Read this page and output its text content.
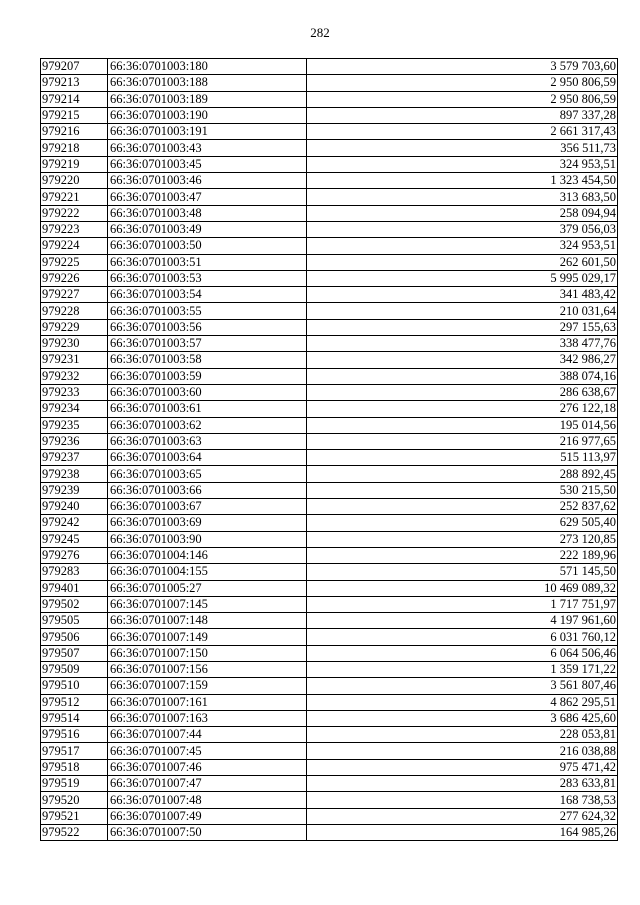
282
979207	66:36:0701003:180	3 579 703,60
979213	66:36:0701003:188	2 950 806,59
979214	66:36:0701003:189	2 950 806,59
979215	66:36:0701003:190	897 337,28
979216	66:36:0701003:191	2 661 317,43
979218	66:36:0701003:43	356 511,73
979219	66:36:0701003:45	324 953,51
979220	66:36:0701003:46	1 323 454,50
979221	66:36:0701003:47	313 683,50
979222	66:36:0701003:48	258 094,94
979223	66:36:0701003:49	379 056,03
979224	66:36:0701003:50	324 953,51
979225	66:36:0701003:51	262 601,50
979226	66:36:0701003:53	5 995 029,17
979227	66:36:0701003:54	341 483,42
979228	66:36:0701003:55	210 031,64
979229	66:36:0701003:56	297 155,63
979230	66:36:0701003:57	338 477,76
979231	66:36:0701003:58	342 986,27
979232	66:36:0701003:59	388 074,16
979233	66:36:0701003:60	286 638,67
979234	66:36:0701003:61	276 122,18
979235	66:36:0701003:62	195 014,56
979236	66:36:0701003:63	216 977,65
979237	66:36:0701003:64	515 113,97
979238	66:36:0701003:65	288 892,45
979239	66:36:0701003:66	530 215,50
979240	66:36:0701003:67	252 837,62
979242	66:36:0701003:69	629 505,40
979245	66:36:0701003:90	273 120,85
979276	66:36:0701004:146	222 189,96
979283	66:36:0701004:155	571 145,50
979401	66:36:0701005:27	10 469 089,32
979502	66:36:0701007:145	1 717 751,97
979505	66:36:0701007:148	4 197 961,60
979506	66:36:0701007:149	6 031 760,12
979507	66:36:0701007:150	6 064 506,46
979509	66:36:0701007:156	1 359 171,22
979510	66:36:0701007:159	3 561 807,46
979512	66:36:0701007:161	4 862 295,51
979514	66:36:0701007:163	3 686 425,60
979516	66:36:0701007:44	228 053,81
979517	66:36:0701007:45	216 038,88
979518	66:36:0701007:46	975 471,42
979519	66:36:0701007:47	283 633,81
979520	66:36:0701007:48	168 738,53
979521	66:36:0701007:49	277 624,32
979522	66:36:0701007:50	164 985,26
